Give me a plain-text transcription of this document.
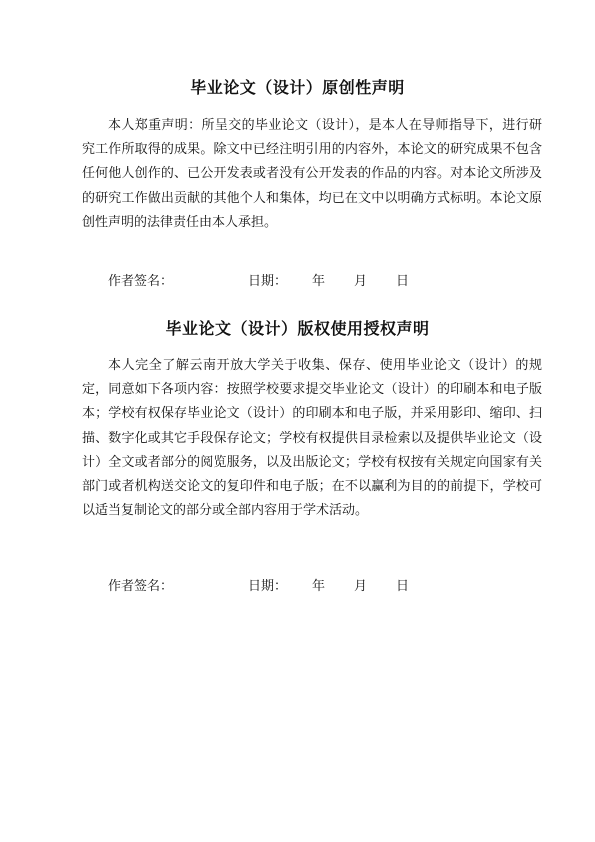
毕业论文（设计）原创性声明

本人郑重声明：所呈交的毕业论文（设计），是本人在导师指导下，进行研究工作所取得的成果。除文中已经注明引用的内容外，本论文的研究成果不包含任何他人创作的、已公开发表或者没有公开发表的作品的内容。对本论文所涉及的研究工作做出贡献的其他个人和集体，均已在文中以明确方式标明。本论文原创性声明的法律责任由本人承担。

作者签名：	日期： 年 月 日
毕业论文（设计）版权使用授权声明

本人完全了解云南开放大学关于收集、保存、使用毕业论文（设计）的规定，同意如下各项内容：按照学校要求提交毕业论文（设计）的印刷本和电子版本；学校有权保存毕业论文（设计）的印刷本和电子版，并采用影印、缩印、扫描、数字化或其它手段保存论文；学校有权提供目录检索以及提供毕业论文（设计）全文或者部分的阅览服务，以及出版论文；学校有权按有关规定向国家有关部门或者机构送交论文的复印件和电子版；在不以赢利为目的的前提下，学校可以适当复制论文的部分或全部内容用于学术活动。

作者签名：	日期： 年 月 日
